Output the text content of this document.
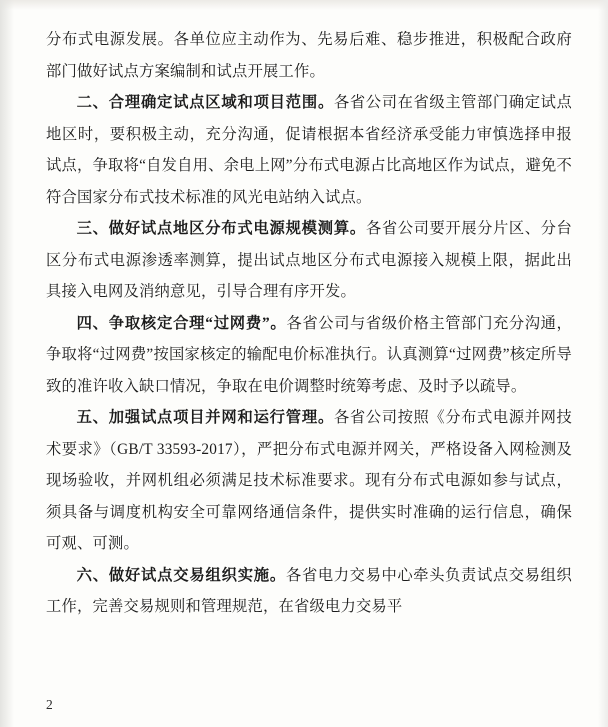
分布式电源发展。各单位应主动作为、先易后难、稳步推进，积极配合政府部门做好试点方案编制和试点开展工作。

二、合理确定试点区域和项目范围。各省公司在省级主管部门确定试点地区时，要积极主动，充分沟通，促请根据本省经济承受能力审慎选择申报试点，争取将“自发自用、余电上网”分布式电源占比高地区作为试点，避免不符合国家分布式技术标准的风光电站纳入试点。

三、做好试点地区分布式电源规模测算。各省公司要开展分片区、分台区分布式电源渗透率测算，提出试点地区分布式电源接入规模上限，据此出具接入电网及消纳意见，引导合理有序开发。

四、争取核定合理“过网费”。各省公司与省级价格主管部门充分沟通，争取将“过网费”按国家核定的输配电价标准执行。认真测算“过网费”核定所导致的准许收入缺口情况，争取在电价调整时统筹考虑、及时予以疏导。

五、加强试点项目并网和运行管理。各省公司按照《分布式电源并网技术要求》（GB/T 33593-2017），严把分布式电源并网关，严格设备入网检测及现场验收，并网机组必须满足技术标准要求。现有分布式电源如参与试点，须具备与调度机构安全可靠网络通信条件，提供实时准确的运行信息，确保可观、可测。

六、做好试点交易组织实施。各省电力交易中心牵头负责试点交易组织工作，完善交易规则和管理规范，在省级电力交易平

2
